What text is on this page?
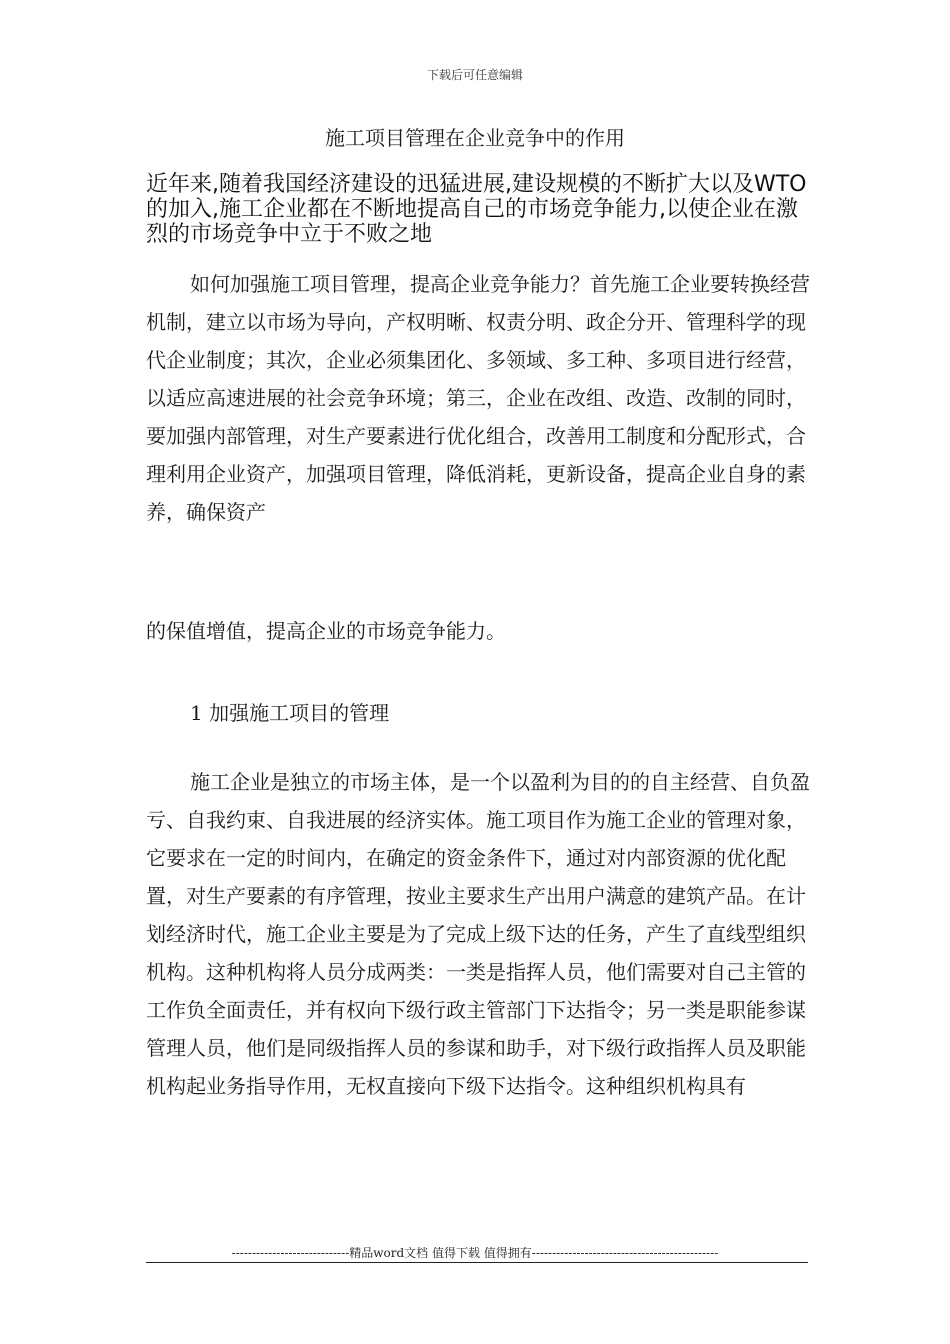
下载后可任意编辑
施工项目管理在企业竞争中的作用
近年来,随着我国经济建设的迅猛进展,建设规模的不断扩大以及WTO的加入,施工企业都在不断地提高自己的市场竞争能力,以使企业在激烈的市场竞争中立于不败之地

如何加强施工项目管理，提高企业竞争能力？首先施工企业要转换经营机制，建立以市场为导向，产权明晰、权责分明、政企分开、管理科学的现代企业制度；其次，企业必须集团化、多领域、多工种、多项目进行经营，以适应高速进展的社会竞争环境；第三，企业在改组、改造、改制的同时，要加强内部管理，对生产要素进行优化组合，改善用工制度和分配形式，合理利用企业资产，加强项目管理，降低消耗，更新设备，提高企业自身的素养，确保资产

的保值增值，提高企业的市场竞争能力。

1 加强施工项目的管理

施工企业是独立的市场主体，是一个以盈利为目的的自主经营、自负盈亏、自我约束、自我进展的经济实体。施工项目作为施工企业的管理对象，它要求在一定的时间内，在确定的资金条件下，通过对内部资源的优化配置，对生产要素的有序管理，按业主要求生产出用户满意的建筑产品。在计划经济时代，施工企业主要是为了完成上级下达的任务，产生了直线型组织机构。这种机构将人员分成两类：一类是指挥人员，他们需要对自己主管的工作负全面责任，并有权向下级行政主管部门下达指令；另一类是职能参谋管理人员，他们是同级指挥人员的参谋和助手，对下级行政指挥人员及职能机构起业务指导作用，无权直接向下级下达指令。这种组织机构具有

-----------------------------精品word文档 值得下载 值得拥有----------------------------------------------
